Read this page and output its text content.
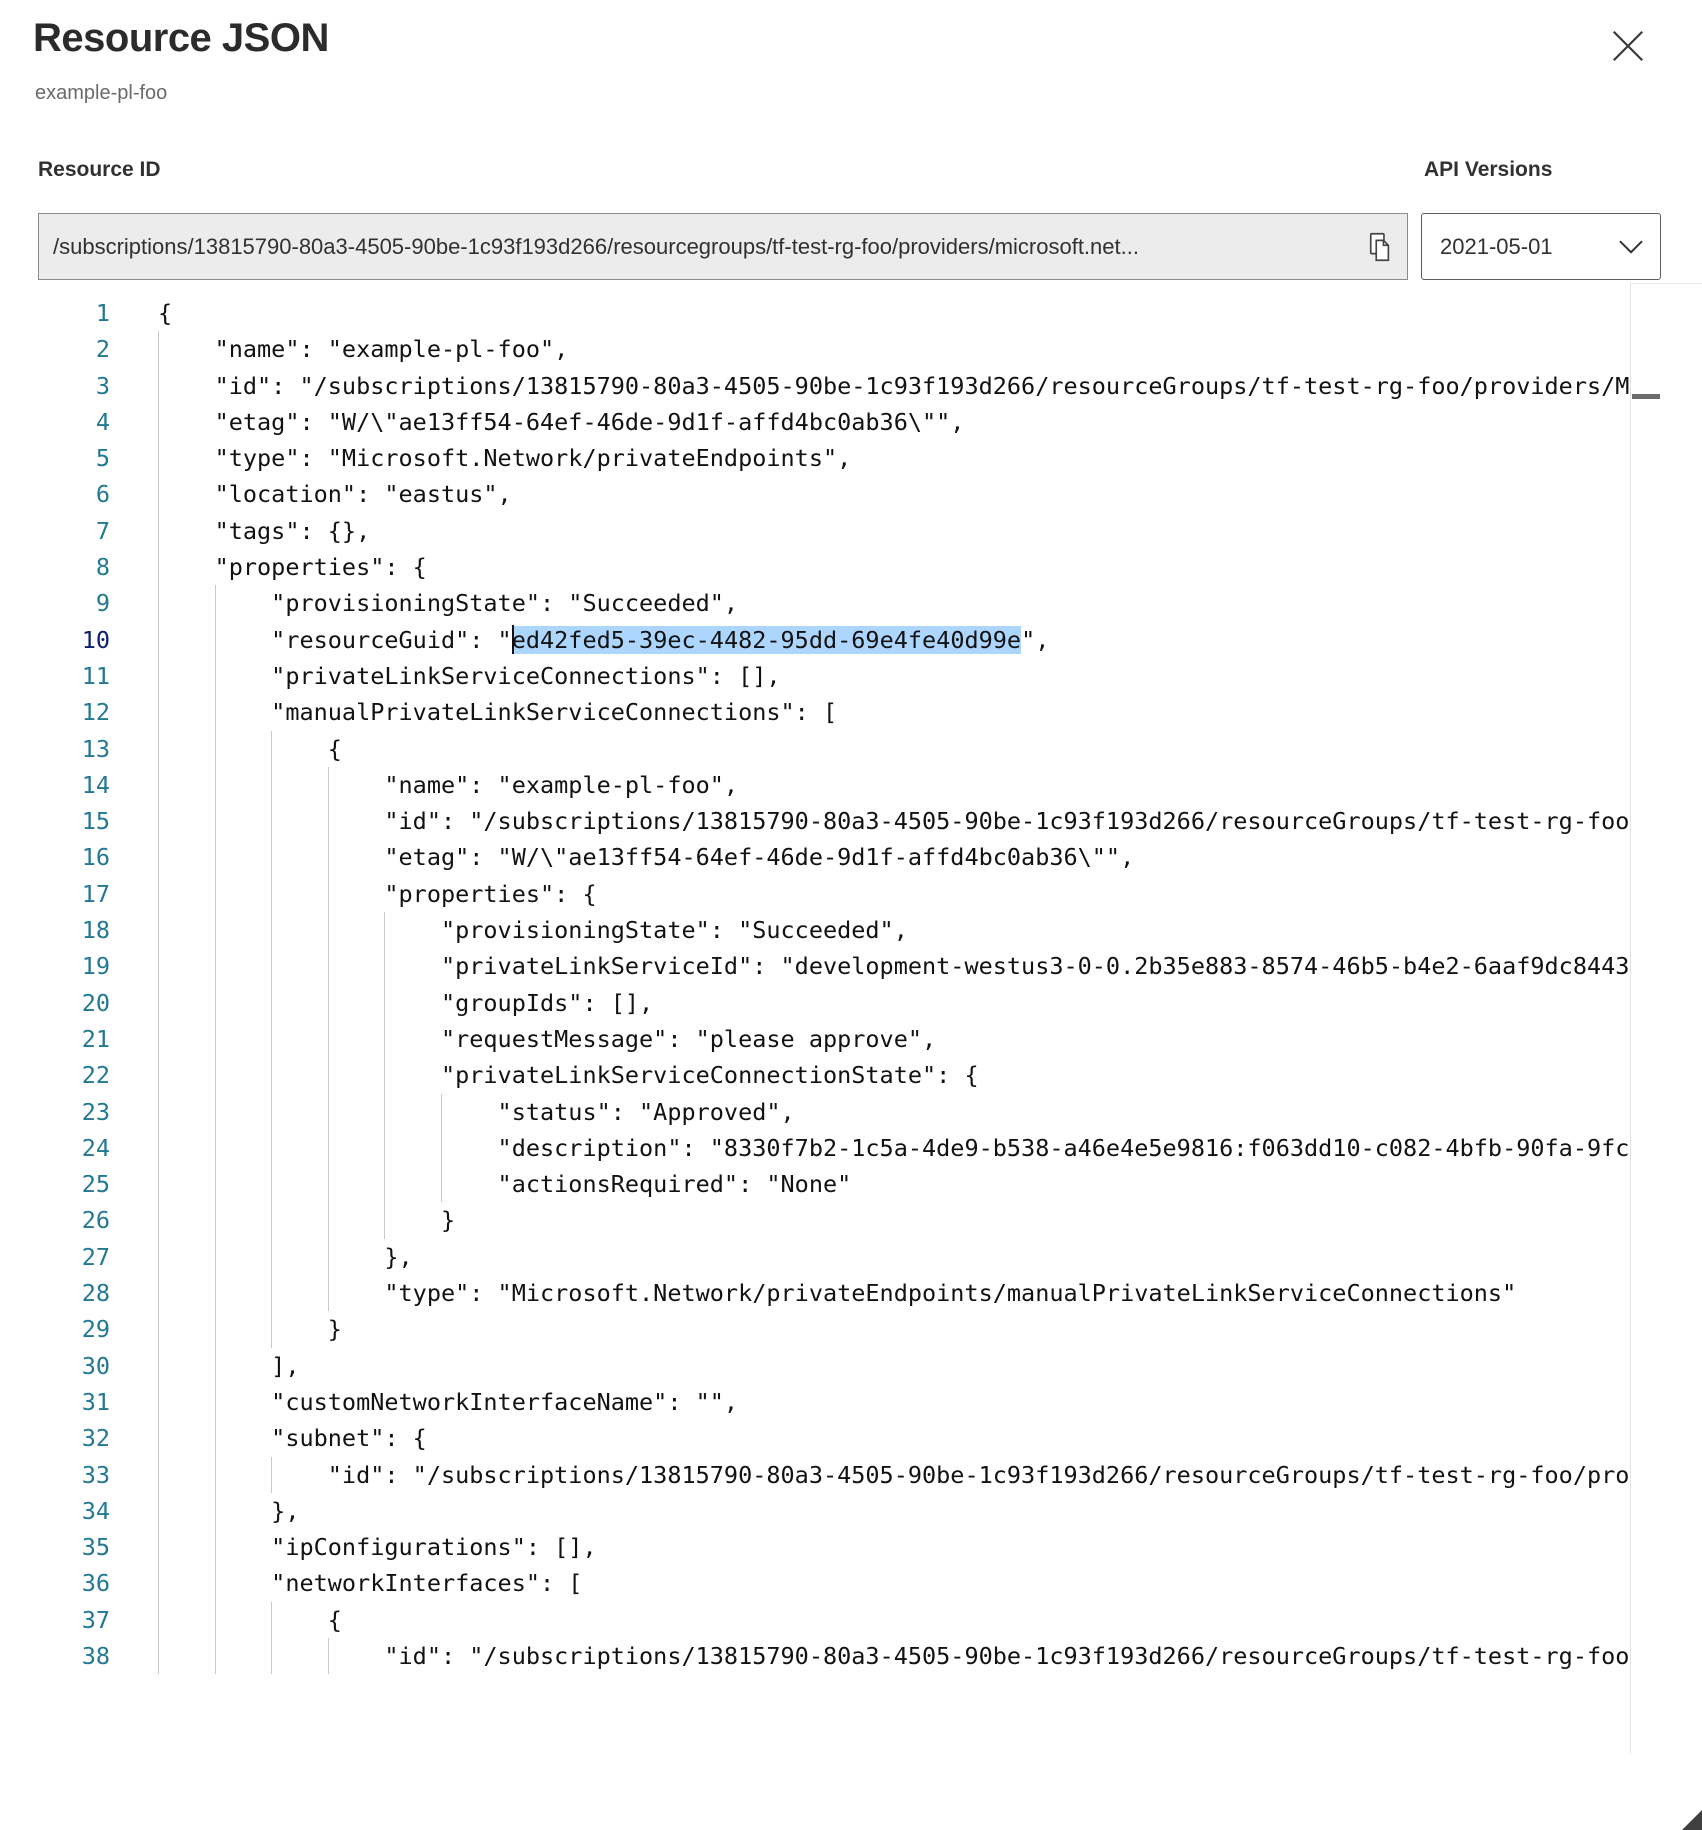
Resource JSON
example-pl-foo
Resource ID	API Versions
/subscriptions/13815790-80a3-4505-90be-1c93f193d266/resourcegroups/tf-test-rg-foo/providers/microsoft.net...
2021-05-01
1
2
3
4
5
6
7
8
9
10
11
12
13
14
15
16
17
18
19
20
21
22
23
24
25
26
27
28
29
30
31
32
33
34
35
36
37
38
{
"name": "example-pl-foo",
"id": "/subscriptions/13815790-80a3-4505-90be-1c93f193d266/resourceGroups/tf-test-rg-foo/providers/M
"etag": "W/\"ae13ff54-64ef-46de-9d1f-affd4bc0ab36\"",
"type": "Microsoft.Network/privateEndpoints",
"location": "eastus",
"tags": {},
"properties": {
"provisioningState": "Succeeded",
"resourceGuid": "ed42fed5-39ec-4482-95dd-69e4fe40d99e",
"privateLinkServiceConnections": [],
"manualPrivateLinkServiceConnections": [
{
"name": "example-pl-foo",
"id": "/subscriptions/13815790-80a3-4505-90be-1c93f193d266/resourceGroups/tf-test-rg-foo
"etag": "W/\"ae13ff54-64ef-46de-9d1f-affd4bc0ab36\"",
"properties": {
"provisioningState": "Succeeded",
"privateLinkServiceId": "development-westus3-0-0.2b35e883-8574-46b5-b4e2-6aaf9dc8443
"groupIds": [],
"requestMessage": "please approve",
"privateLinkServiceConnectionState": {
"status": "Approved",
"description": "8330f7b2-1c5a-4de9-b538-a46e4e5e9816:f063dd10-c082-4bfb-90fa-9fc
"actionsRequired": "None"
}
},
"type": "Microsoft.Network/privateEndpoints/manualPrivateLinkServiceConnections"
}
],
"customNetworkInterfaceName": "",
"subnet": {
"id": "/subscriptions/13815790-80a3-4505-90be-1c93f193d266/resourceGroups/tf-test-rg-foo/pro
},
"ipConfigurations": [],
"networkInterfaces": [
{
"id": "/subscriptions/13815790-80a3-4505-90be-1c93f193d266/resourceGroups/tf-test-rg-foo
